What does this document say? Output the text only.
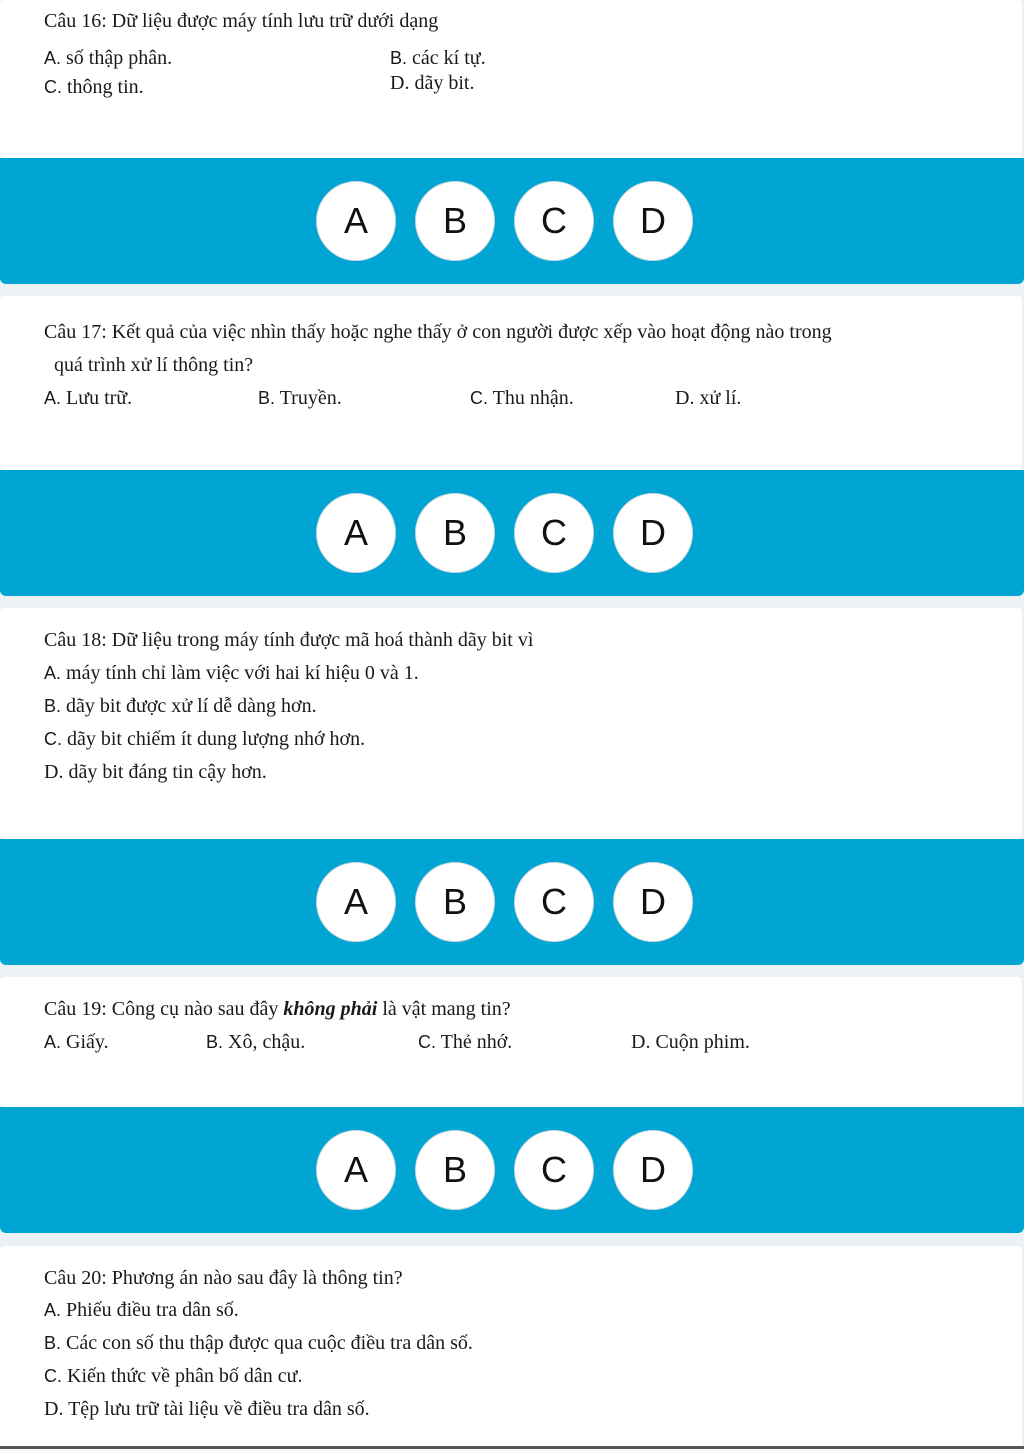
Câu 16: Dữ liệu được máy tính lưu trữ dưới dạng
A. số thập phân.	B. các kí tự.
C. thông tin.	D. dãy bit.
A	B	C	D
Câu 17: Kết quả của việc nhìn thấy hoặc nghe thấy ở con người được xếp vào hoạt động nào trong
quá trình xử lí thông tin?
A. Lưu trữ.	B. Truyền.	C. Thu nhận.	D. xử lí.
A	B	C	D
Câu 18: Dữ liệu trong máy tính được mã hoá thành dãy bit vì
A. máy tính chỉ làm việc với hai kí hiệu 0 và 1.
B. dãy bit được xử lí dễ dàng hơn.
C. dãy bit chiếm ít dung lượng nhớ hơn.
D. dãy bit đáng tin cậy hơn.
A	B	C	D
Câu 19: Công cụ nào sau đây không phải là vật mang tin?
A. Giấy.	B. Xô, chậu.	C. Thẻ nhớ.	D. Cuộn phim.
A	B	C	D
Câu 20: Phương án nào sau đây là thông tin?
A. Phiếu điều tra dân số.
B. Các con số thu thập được qua cuộc điều tra dân số.
C. Kiến thức về phân bố dân cư.
D. Tệp lưu trữ tài liệu về điều tra dân số.
